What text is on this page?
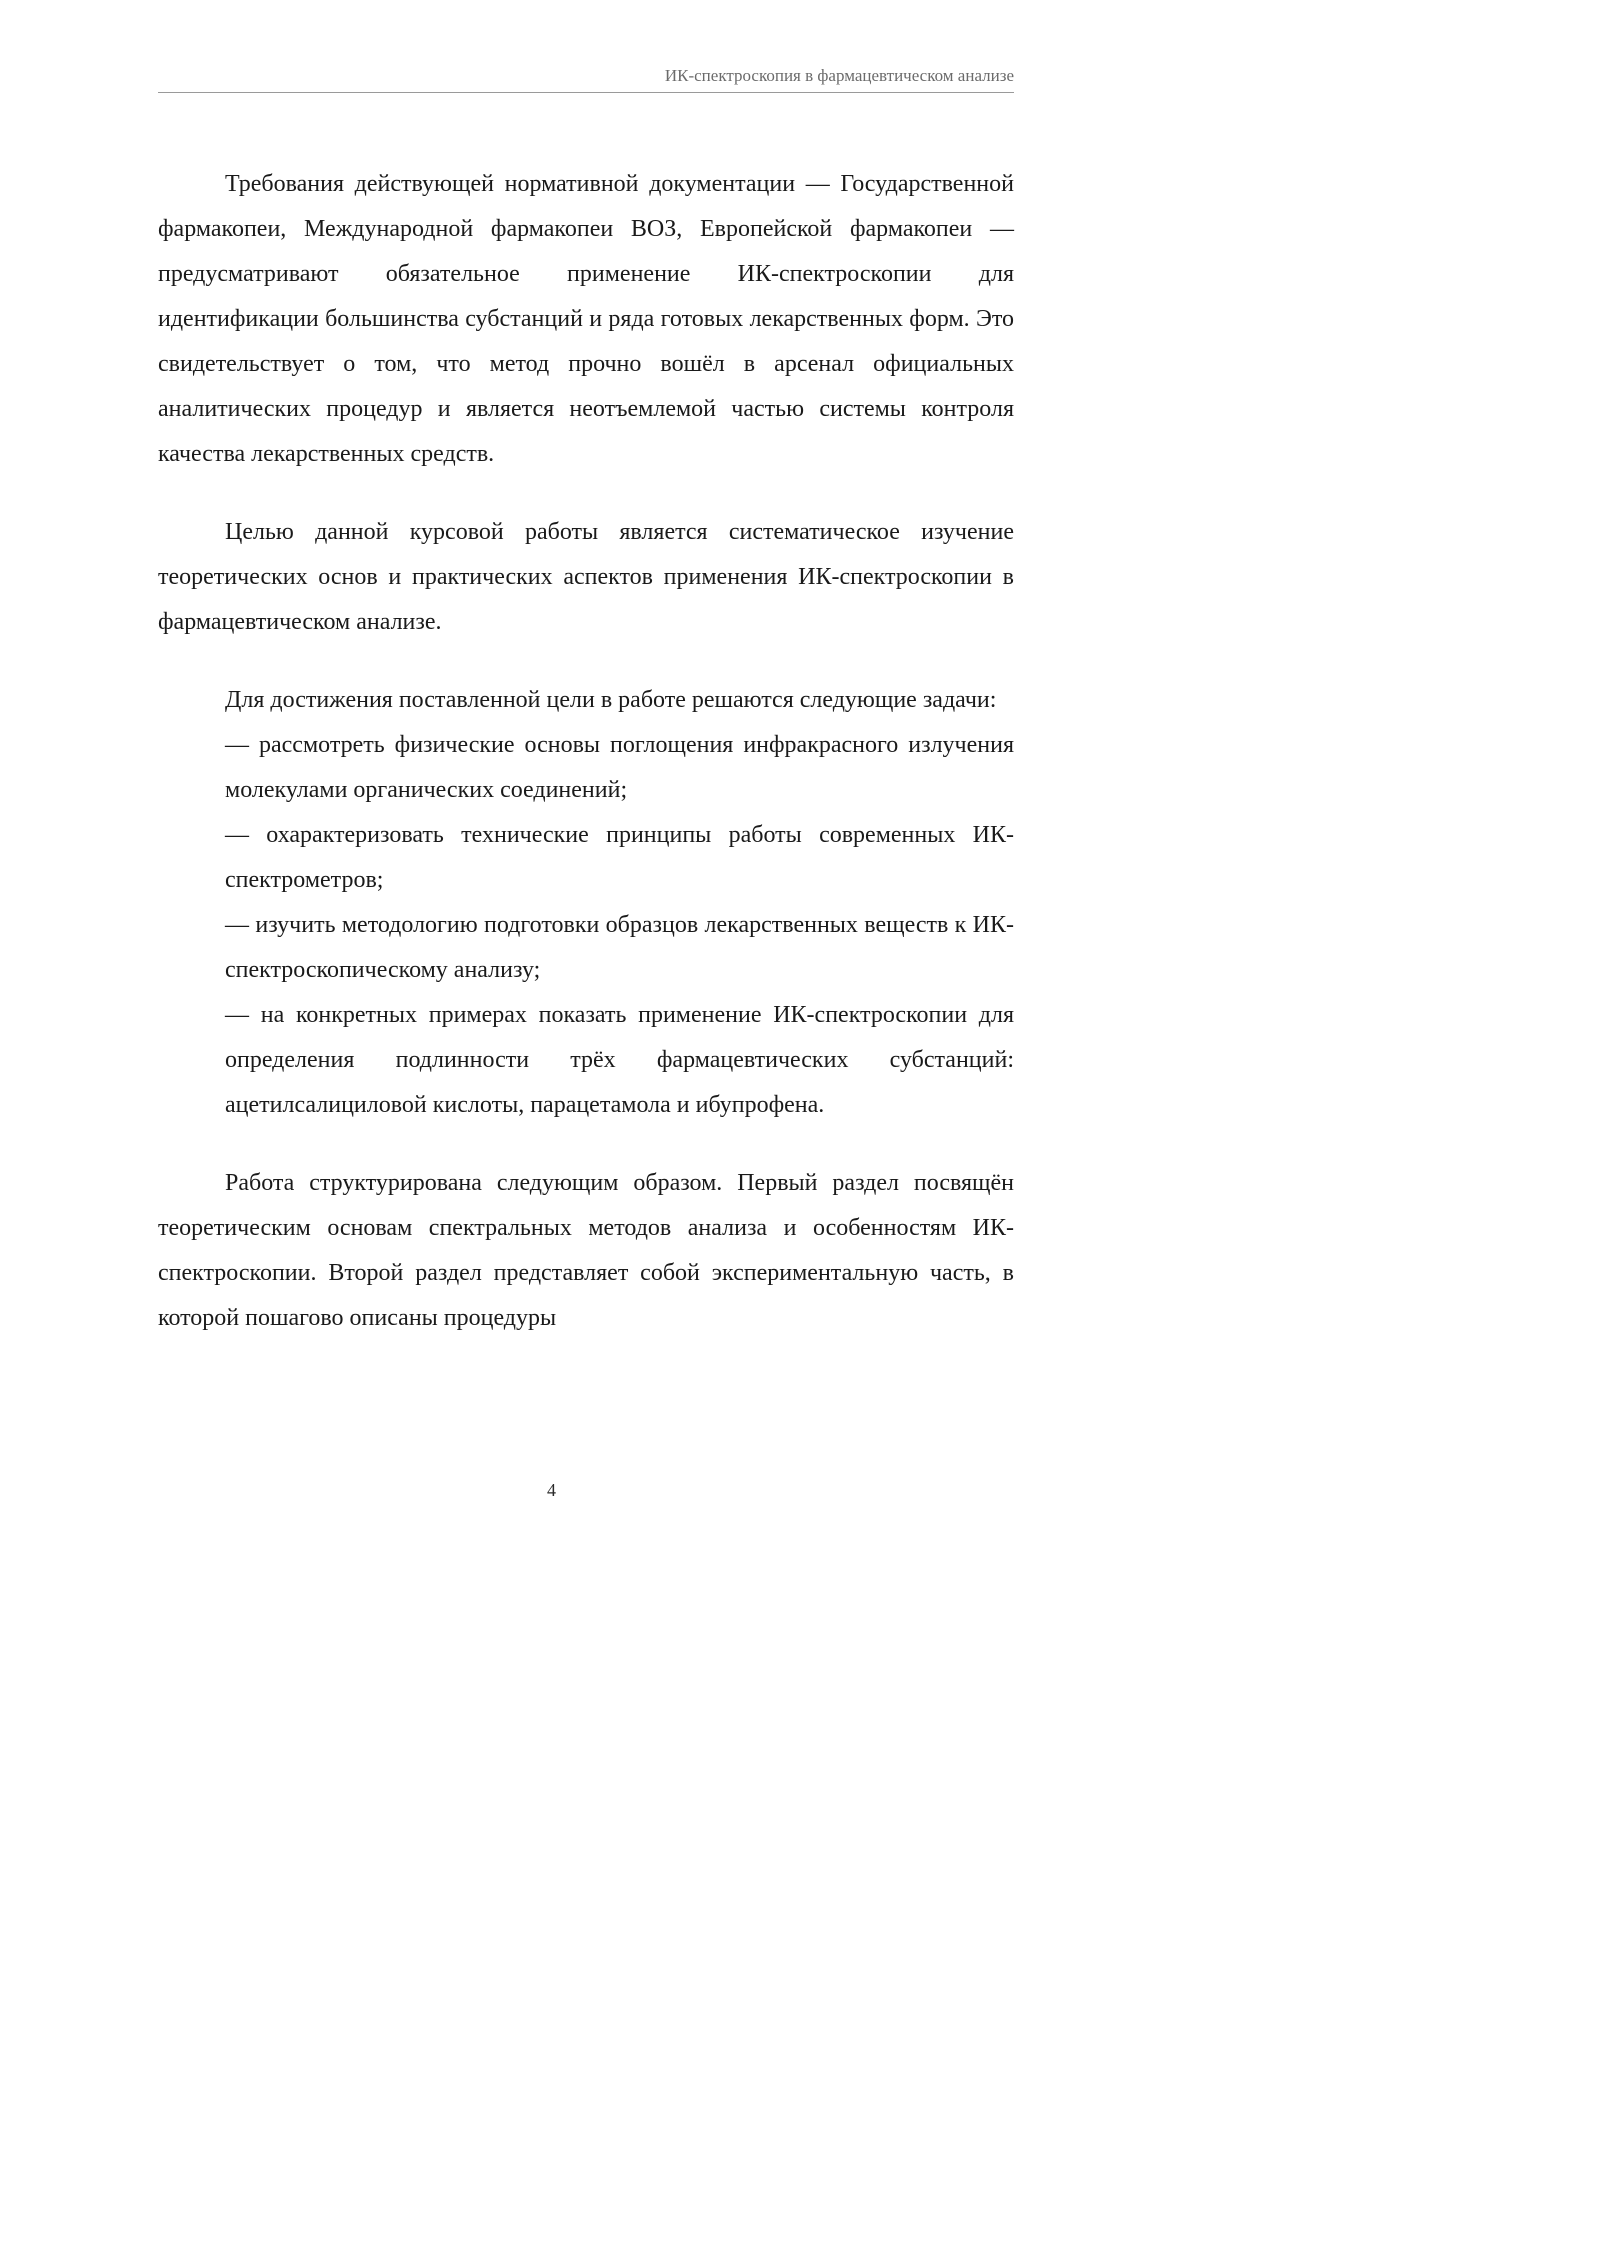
ИК-спектроскопия в фармацевтическом анализе

Требования действующей нормативной документации — Государственной фармакопеи, Международной фармакопеи ВОЗ, Европейской фармакопеи — предусматривают обязательное применение ИК-спектроскопии для идентификации большинства субстанций и ряда готовых лекарственных форм. Это свидетельствует о том, что метод прочно вошёл в арсенал официальных аналитических процедур и является неотъемлемой частью системы контроля качества лекарственных средств.

Целью данной курсовой работы является систематическое изучение теоретических основ и практических аспектов применения ИК-спектроскопии в фармацевтическом анализе.

Для достижения поставленной цели в работе решаются следующие задачи:

— рассмотреть физические основы поглощения инфракрасного излучения молекулами органических соединений;
— охарактеризовать технические принципы работы современных ИК-спектрометров;
— изучить методологию подготовки образцов лекарственных веществ к ИК-спектроскопическому анализу;
— на конкретных примерах показать применение ИК-спектроскопии для определения подлинности трёх фармацевтических субстанций: ацетилсалициловой кислоты, парацетамола и ибупрофена.

Работа структурирована следующим образом. Первый раздел посвящён теоретическим основам спектральных методов анализа и особенностям ИК-спектроскопии. Второй раздел представляет собой экспериментальную часть, в которой пошагово описаны процедуры

4
